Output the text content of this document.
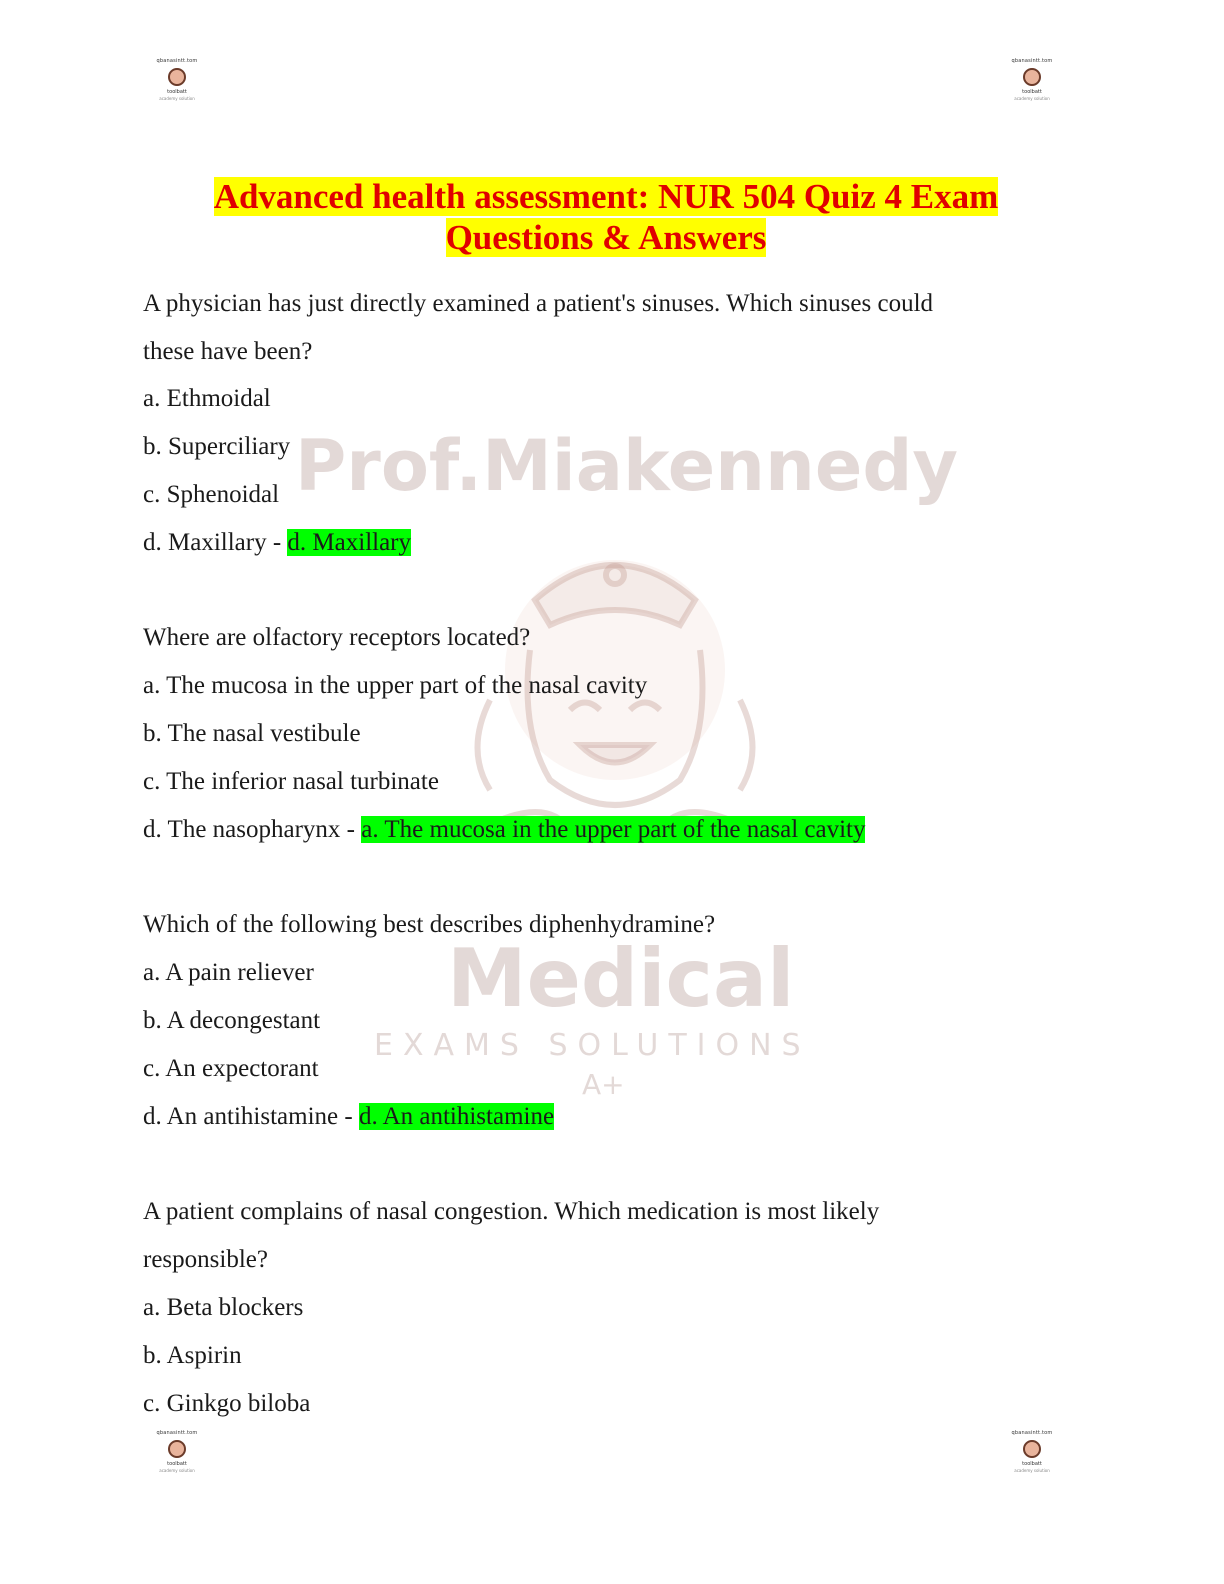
qbanasintt.tom
toolbatt
academy solution
qbanasintt.tom
toolbatt
academy solution
Prof.Miakennedy
Medical
EXAMS SOLUTIONS
A+
Advanced health assessment: NUR 504 Quiz 4 Exam
Questions & Answers
A physician has just directly examined a patient's sinuses. Which sinuses could
these have been?
a. Ethmoidal
b. Superciliary
c. Sphenoidal
d. Maxillary - d. Maxillary
Where are olfactory receptors located?
a. The mucosa in the upper part of the nasal cavity
b. The nasal vestibule
c. The inferior nasal turbinate
d. The nasopharynx - a. The mucosa in the upper part of the nasal cavity
Which of the following best describes diphenhydramine?
a. A pain reliever
b. A decongestant
c. An expectorant
d. An antihistamine - d. An antihistamine
A patient complains of nasal congestion. Which medication is most likely
responsible?
a. Beta blockers
b. Aspirin
c. Ginkgo biloba
qbanasintt.tom
toolbatt
academy solution
qbanasintt.tom
toolbatt
academy solution
